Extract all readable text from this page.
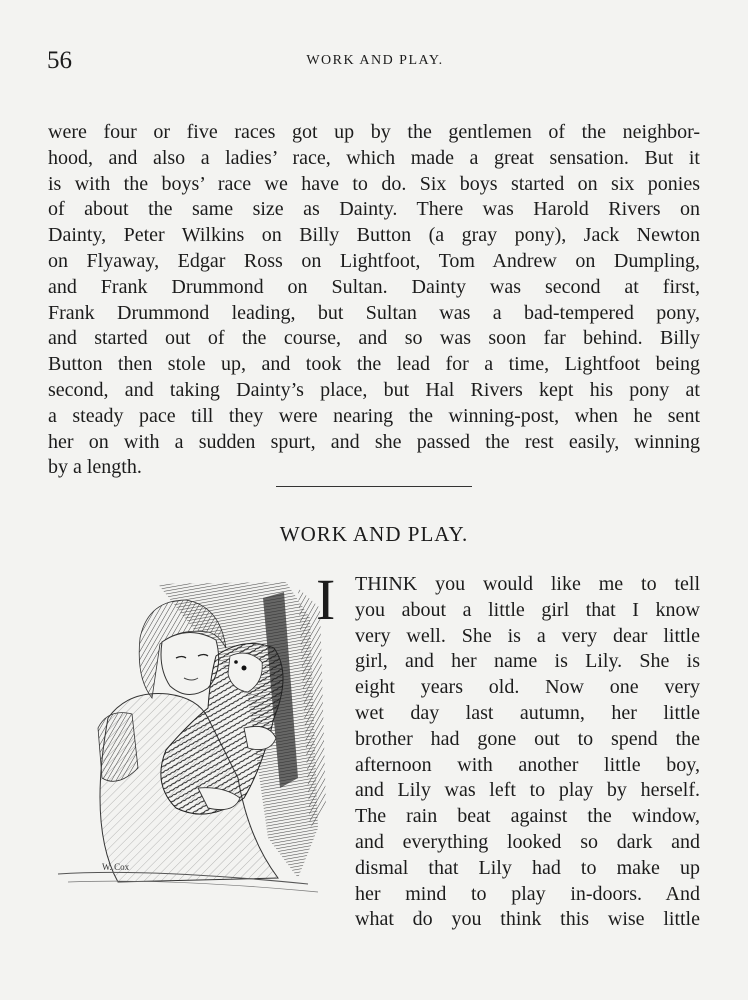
56	WORK AND PLAY.
were four or five races got up by the gentlemen of the neighbor-
hood, and also a ladies’ race, which made a great sensation. But it
is with the boys’ race we have to do. Six boys started on six ponies
of about the same size as Dainty. There was Harold Rivers on
Dainty, Peter Wilkins on Billy Button (a gray pony), Jack Newton
on Flyaway, Edgar Ross on Lightfoot, Tom Andrew on Dumpling,
and Frank Drummond on Sultan. Dainty was second at first,
Frank Drummond leading, but Sultan was a bad-tempered pony,
and started out of the course, and so was soon far behind. Billy
Button then stole up, and took the lead for a time, Lightfoot being
second, and taking Dainty’s place, but Hal Rivers kept his pony at
a steady pace till they were nearing the winning-post, when he sent
her on with a sudden spurt, and she passed the rest easily, winning
by a length.
WORK AND PLAY.
W. Cox
I THINK you would like me to tell
you about a little girl that I know
very well. She is a very dear little
girl, and her name is Lily. She is
eight years old. Now one very
wet day last autumn, her little
brother had gone out to spend the
afternoon with another little boy,
and Lily was left to play by herself.
The rain beat against the window,
and everything looked so dark and
dismal that Lily had to make up
her mind to play in-doors. And
what do you think this wise little
